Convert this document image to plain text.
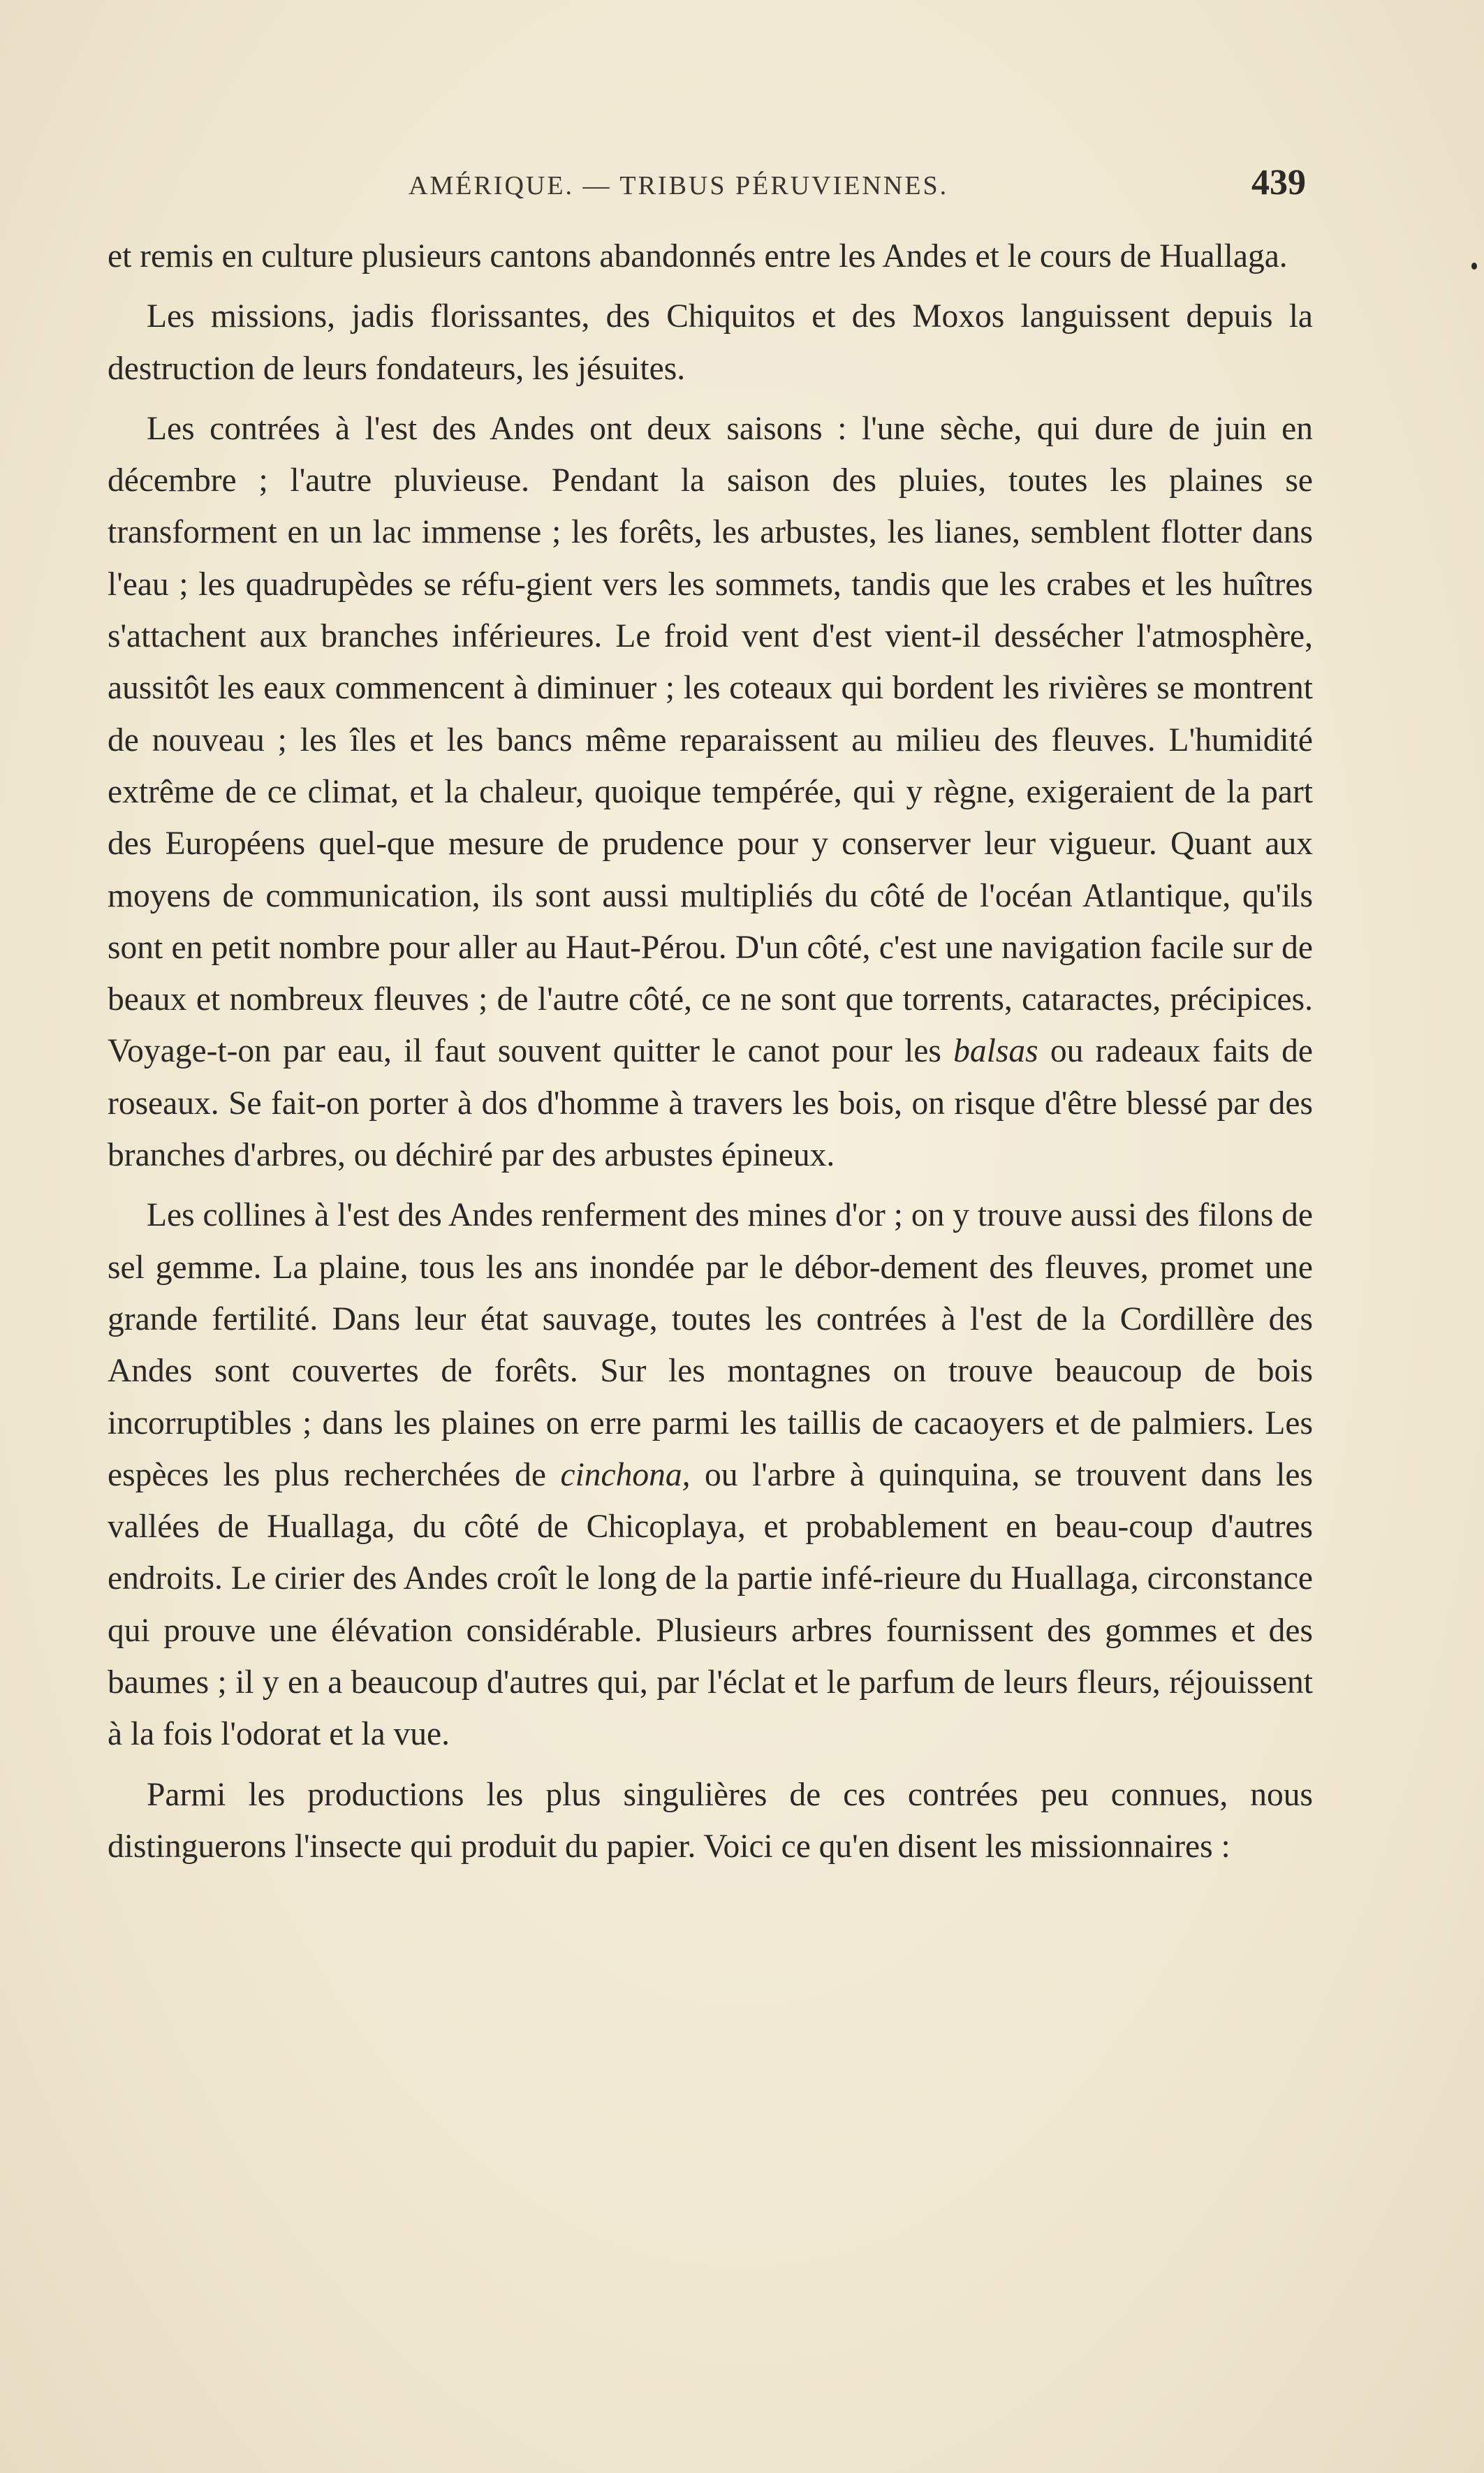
AMÉRIQUE. — TRIBUS PÉRUVIENNES.	439

et remis en culture plusieurs cantons abandonnés entre les Andes et le cours de Huallaga.

Les missions, jadis florissantes, des Chiquitos et des Moxos languissent depuis la destruction de leurs fondateurs, les jésuites.

Les contrées à l'est des Andes ont deux saisons : l'une sèche, qui dure de juin en décembre ; l'autre pluvieuse. Pendant la saison des pluies, toutes les plaines se transforment en un lac immense ; les forêts, les arbustes, les lianes, semblent flotter dans l'eau ; les quadrupèdes se réfu-gient vers les sommets, tandis que les crabes et les huîtres s'attachent aux branches inférieures. Le froid vent d'est vient-il dessécher l'atmosphère, aussitôt les eaux commencent à diminuer ; les coteaux qui bordent les rivières se montrent de nouveau ; les îles et les bancs même reparaissent au milieu des fleuves. L'humidité extrême de ce climat, et la chaleur, quoique tempérée, qui y règne, exigeraient de la part des Européens quel-que mesure de prudence pour y conserver leur vigueur. Quant aux moyens de communication, ils sont aussi multipliés du côté de l'océan Atlantique, qu'ils sont en petit nombre pour aller au Haut-Pérou. D'un côté, c'est une navigation facile sur de beaux et nombreux fleuves ; de l'autre côté, ce ne sont que torrents, cataractes, précipices. Voyage-t-on par eau, il faut souvent quitter le canot pour les balsas ou radeaux faits de roseaux. Se fait-on porter à dos d'homme à travers les bois, on risque d'être blessé par des branches d'arbres, ou déchiré par des arbustes épineux.

Les collines à l'est des Andes renferment des mines d'or ; on y trouve aussi des filons de sel gemme. La plaine, tous les ans inondée par le débor-dement des fleuves, promet une grande fertilité. Dans leur état sauvage, toutes les contrées à l'est de la Cordillère des Andes sont couvertes de forêts. Sur les montagnes on trouve beaucoup de bois incorruptibles ; dans les plaines on erre parmi les taillis de cacaoyers et de palmiers. Les espèces les plus recherchées de cinchona, ou l'arbre à quinquina, se trouvent dans les vallées de Huallaga, du côté de Chicoplaya, et probablement en beau-coup d'autres endroits. Le cirier des Andes croît le long de la partie infé-rieure du Huallaga, circonstance qui prouve une élévation considérable. Plusieurs arbres fournissent des gommes et des baumes ; il y en a beaucoup d'autres qui, par l'éclat et le parfum de leurs fleurs, réjouissent à la fois l'odorat et la vue.

Parmi les productions les plus singulières de ces contrées peu connues, nous distinguerons l'insecte qui produit du papier. Voici ce qu'en disent les missionnaires :
